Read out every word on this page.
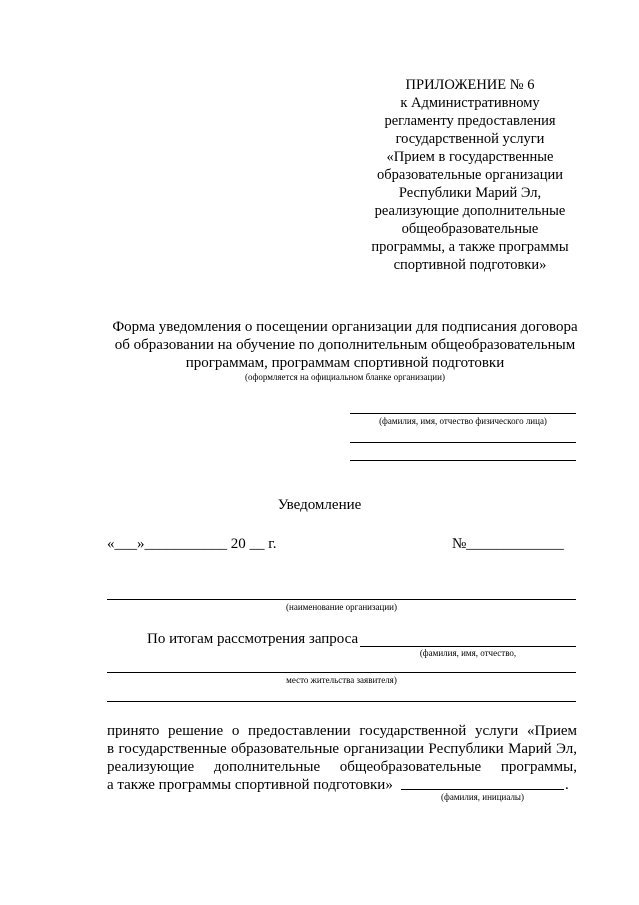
ПРИЛОЖЕНИЕ № 6
к Административному
регламенту предоставления
государственной услуги
«Прием в государственные
образовательные организации
Республики Марий Эл,
реализующие дополнительные
общеобразовательные
программы, а также программы
спортивной подготовки»
Форма уведомления о посещении организации для подписания договора
об образовании на обучение по дополнительным общеобразовательным
программам, программам спортивной подготовки
(оформляется на официальном бланке организации)
(фамилия, имя, отчество физического лица)
Уведомление
«___»___________ 20 __ г.	№_____________
(наименование организации)
По итогам рассмотрения запроса
(фамилия, имя, отчество,
место жительства заявителя)
принято решение о предоставлении государственной услуги «Прием
в государственные образовательные организации Республики Марий Эл,
реализующие дополнительные общеобразовательные программы,
а также программы спортивной подготовки»	.
(фамилия, инициалы)
